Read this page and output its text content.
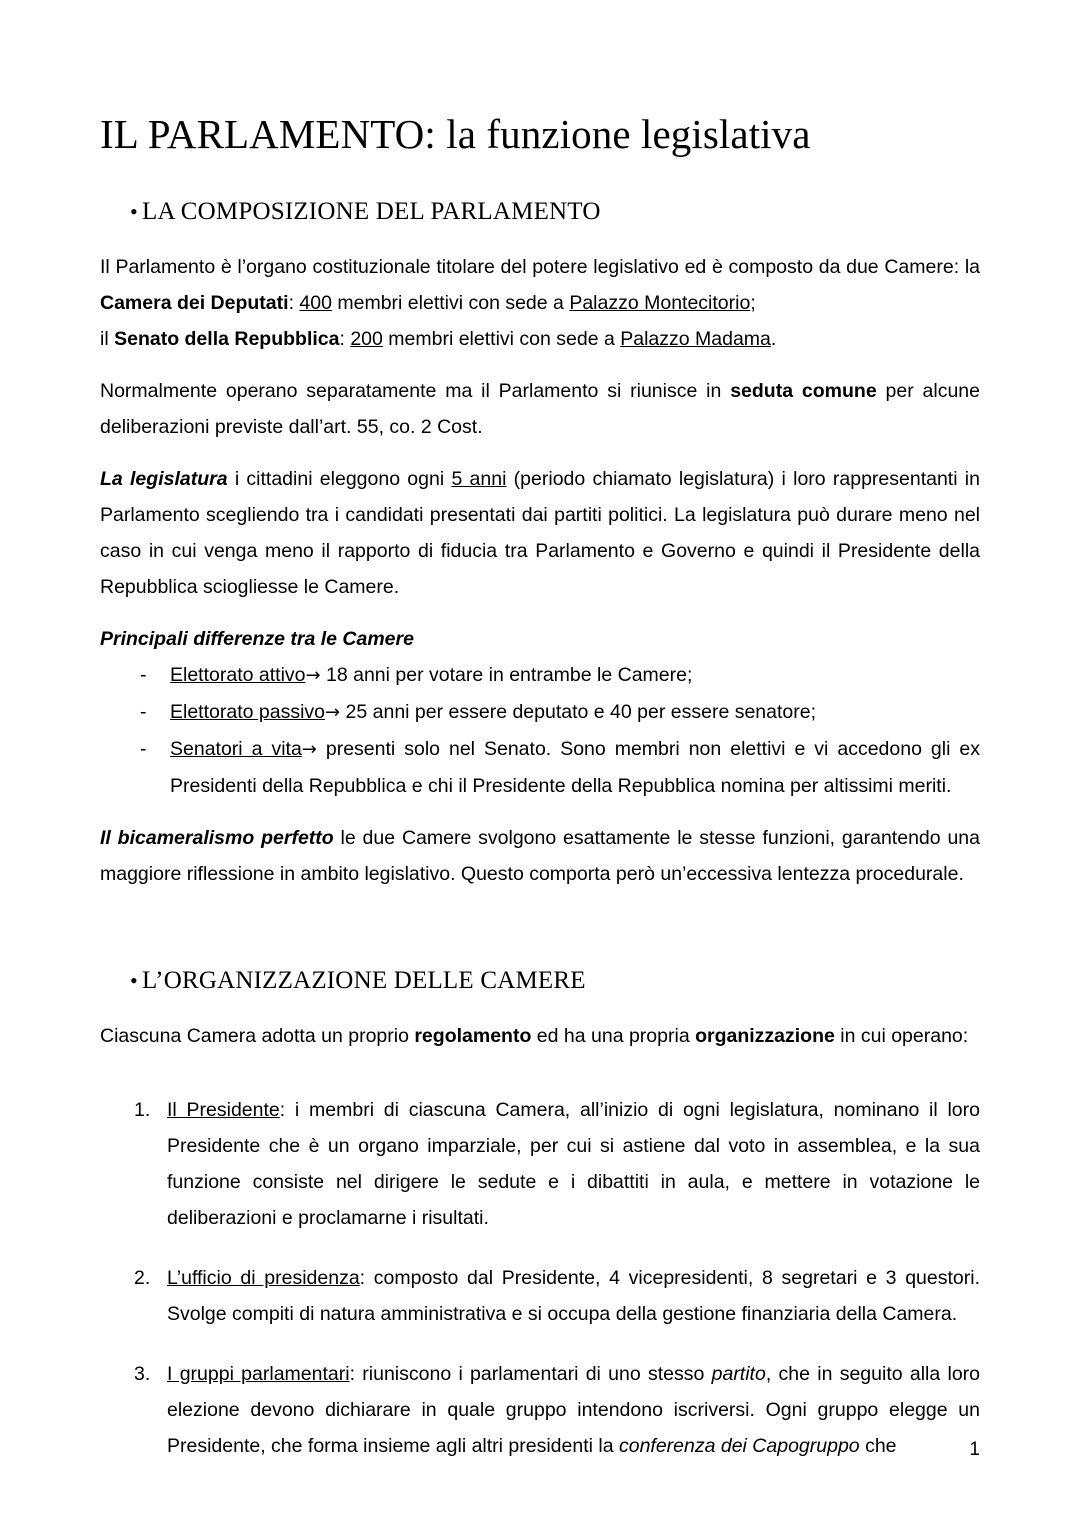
IL PARLAMENTO: la funzione legislativa
• LA COMPOSIZIONE DEL PARLAMENTO

Il Parlamento è l’organo costituzionale titolare del potere legislativo ed è composto da due Camere: la Camera dei Deputati: 400 membri elettivi con sede a Palazzo Montecitorio;
il Senato della Repubblica: 200 membri elettivi con sede a Palazzo Madama.

Normalmente operano separatamente ma il Parlamento si riunisce in seduta comune per alcune deliberazioni previste dall’art. 55, co. 2 Cost.

La legislatura i cittadini eleggono ogni 5 anni (periodo chiamato legislatura) i loro rappresentanti in Parlamento scegliendo tra i candidati presentati dai partiti politici. La legislatura può durare meno nel caso in cui venga meno il rapporto di fiducia tra Parlamento e Governo e quindi il Presidente della Repubblica sciogliesse le Camere.

Principali differenze tra le Camere

- Elettorato attivo→ 18 anni per votare in entrambe le Camere;
- Elettorato passivo→ 25 anni per essere deputato e 40 per essere senatore;
- Senatori a vita→ presenti solo nel Senato. Sono membri non elettivi e vi accedono gli ex Presidenti della Repubblica e chi il Presidente della Repubblica nomina per altissimi meriti.

Il bicameralismo perfetto le due Camere svolgono esattamente le stesse funzioni, garantendo una maggiore riflessione in ambito legislativo. Questo comporta però un’eccessiva lentezza procedurale.

• L’ORGANIZZAZIONE DELLE CAMERE

Ciascuna Camera adotta un proprio regolamento ed ha una propria organizzazione in cui operano:

1. Il Presidente: i membri di ciascuna Camera, all’inizio di ogni legislatura, nominano il loro Presidente che è un organo imparziale, per cui si astiene dal voto in assemblea, e la sua funzione consiste nel dirigere le sedute e i dibattiti in aula, e mettere in votazione le deliberazioni e proclamarne i risultati.
2. L’ufficio di presidenza: composto dal Presidente, 4 vicepresidenti, 8 segretari e 3 questori. Svolge compiti di natura amministrativa e si occupa della gestione finanziaria della Camera.
3. I gruppi parlamentari: riuniscono i parlamentari di uno stesso partito, che in seguito alla loro elezione devono dichiarare in quale gruppo intendono iscriversi. Ogni gruppo elegge un Presidente, che forma insieme agli altri presidenti la conferenza dei Capogruppo che	1
